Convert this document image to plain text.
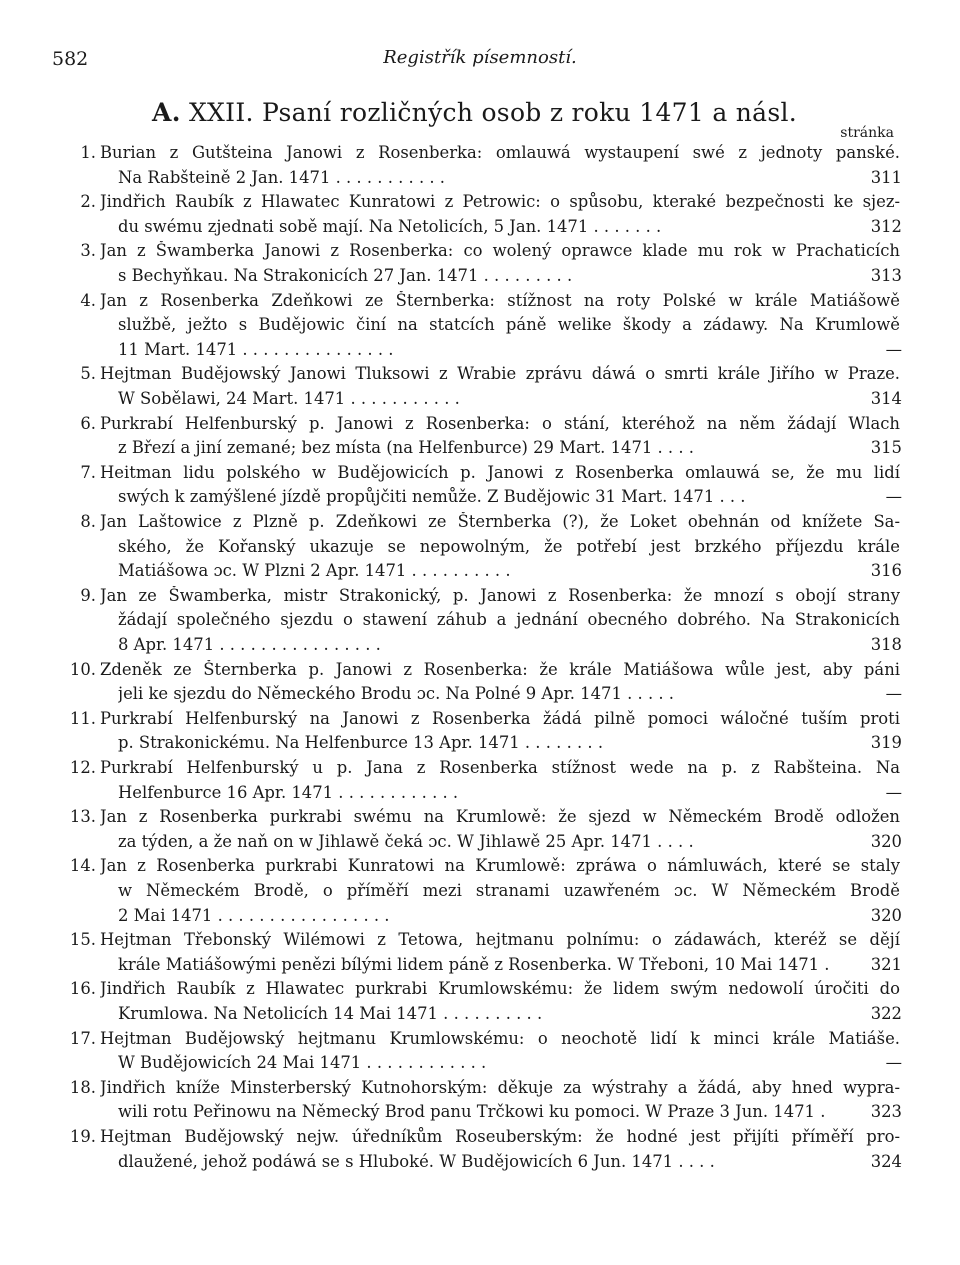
582	Registřík písemností.
A. XXII. Psaní rozličných osob z roku 1471 a násl.
stránka
1. Burian z Gutšteina Janowi z Rosenberka: omlauwá wystaupení swé z jednoty panské.
Na Rabšteině 2 Jan. 1471 . . . . . . . . . . .	311
2. Jindřich Raubík z Hlawatec Kunratowi z Petrowic: o spůsobu, kteraké bezpečnosti ke sjez-
du swému zjednati sobě mají. Na Netolicích, 5 Jan. 1471 . . . . . . .	312
3. Jan z Šwamberka Janowi z Rosenberka: co wolený oprawce klade mu rok w Prachaticích
s Bechyňkau. Na Strakonicích 27 Jan. 1471 . . . . . . . . .	313
4. Jan z Rosenberka Zdeňkowi ze Šternberka: stížnost na roty Polské w krále Matiášowě
službě, ježto s Budějowic činí na statcích páně welike škody a zádawy. Na Krumlowě
11 Mart. 1471 . . . . . . . . . . . . . . .	—
5. Hejtman Budějowský Janowi Tluksowi z Wrabie zprávu dáwá o smrti krále Jiřího w Praze.
W Sobělawi, 24 Mart. 1471 . . . . . . . . . . .	314
6. Purkrabí Helfenburský p. Janowi z Rosenberka: o stání, kteréhož na něm žádají Wlach
z Březí a jiní zemané; bez místa (na Helfenburce) 29 Mart. 1471 . . . .	315
7. Heitman lidu polského w Budějowicích p. Janowi z Rosenberka omlauwá se, že mu lidí
swých k zamýšlené jízdě propůjčiti nemůže. Z Budějowic 31 Mart. 1471 . . .	—
8. Jan Laštowice z Plzně p. Zdeňkowi ze Šternberka (?), že Loket obehnán od knížete Sa-
ského, že Kořanský ukazuje se nepowolným, že potřebí jest brzkého příjezdu krále
Matiášowa ɔc. W Plzni 2 Apr. 1471 . . . . . . . . . .	316
9. Jan ze Šwamberka, mistr Strakonický, p. Janowi z Rosenberka: že mnozí s obojí strany
žádají společného sjezdu o stawení záhub a jednání obecného dobrého. Na Strakonicích
8 Apr. 1471 . . . . . . . . . . . . . . . .	318
10. Zdeněk ze Šternberka p. Janowi z Rosenberka: že krále Matiášowa wůle jest, aby páni
jeli ke sjezdu do Německého Brodu ɔc. Na Polné 9 Apr. 1471 . . . . .	—
11. Purkrabí Helfenburský na Janowi z Rosenberka žádá pilně pomoci wáločné tuším proti
p. Strakonickému. Na Helfenburce 13 Apr. 1471 . . . . . . . .	319
12. Purkrabí Helfenburský u p. Jana z Rosenberka stížnost wede na p. z Rabšteina. Na
Helfenburce 16 Apr. 1471 . . . . . . . . . . . .	—
13. Jan z Rosenberka purkrabi swému na Krumlowě: že sjezd w Německém Brodě odložen
za týden, a že naň on w Jihlawě čeká ɔc. W Jihlawě 25 Apr. 1471 . . . .	320
14. Jan z Rosenberka purkrabi Kunratowi na Krumlowě: zpráwa o námluwách, které se staly
w Německém Brodě, o příměří mezi stranami uzawřeném ɔc. W Německém Brodě
2 Mai 1471 . . . . . . . . . . . . . . . . .	320
15. Hejtman Třebonský Wilémowi z Tetowa, hejtmanu polnímu: o zádawách, kteréž se dějí
krále Matiášowými penězi bílými lidem páně z Rosenberka. W Třeboni, 10 Mai 1471 .	321
16. Jindřich Raubík z Hlawatec purkrabi Krumlowskému: že lidem swým nedowolí úročiti do
Krumlowa. Na Netolicích 14 Mai 1471 . . . . . . . . . .	322
17. Hejtman Budějowský hejtmanu Krumlowskému: o neochotě lidí k minci krále Matiáše.
W Budějowicích 24 Mai 1471 . . . . . . . . . . . .	—
18. Jindřich kníže Minsterberský Kutnohorským: děkuje za wýstrahy a žádá, aby hned wypra-
wili rotu Peřinowu na Německý Brod panu Trčkowi ku pomoci. W Praze 3 Jun. 1471 .	323
19. Hejtman Budějowský nejw. úředníkům Roseuberským: že hodné jest přijíti příměří pro-
dlaužené, jehož podáwá se s Hluboké. W Budějowicích 6 Jun. 1471 . . . .	324
